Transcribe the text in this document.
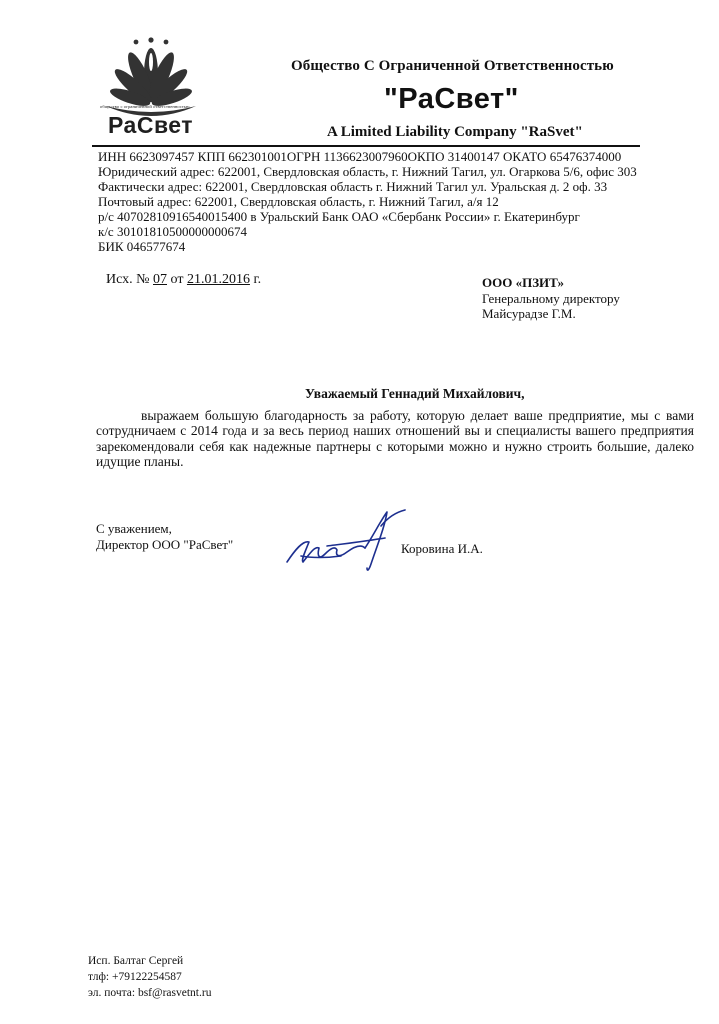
общество с ограниченной ответственностью
РаСвет
Общество С Ограниченной Ответственностью
"РаСвет"
A Limited Liability Company "RaSvet"
ИНН 6623097457 КПП 662301001ОГРН 1136623007960ОКПО 31400147 ОКАТО 65476374000
Юридический адрес: 622001, Свердловская область, г. Нижний Тагил, ул. Огаркова 5/6, офис 303
Фактически адрес: 622001, Свердловская область г. Нижний Тагил ул. Уральская д. 2 оф. 33
Почтовый адрес: 622001, Свердловская область, г. Нижний Тагил, а/я 12
р/с 40702810916540015400 в Уральский Банк ОАО «Сбербанк России» г. Екатеринбург
к/с 30101810500000000674
БИК 046577674
Исх. № 07 от 21.01.2016 г.	ООО «ПЗИТ»
Генеральному директору
Майсурадзе Г.М.
Уважаемый Геннадий Михайлович,

выражаем большую благодарность за работу, которую делает ваше предприятие, мы с вами сотрудничаем с 2014 года и за весь период наших отношений вы и специалисты вашего предприятия зарекомендовали себя как надежные партнеры с которыми можно и нужно строить большие, далеко идущие планы.

С уважением,
Директор ООО "РаСвет"	Коровина И.А.
Исп. Балтаг Сергей
тлф: +79122254587
эл. почта: bsf@rasvetnt.ru
